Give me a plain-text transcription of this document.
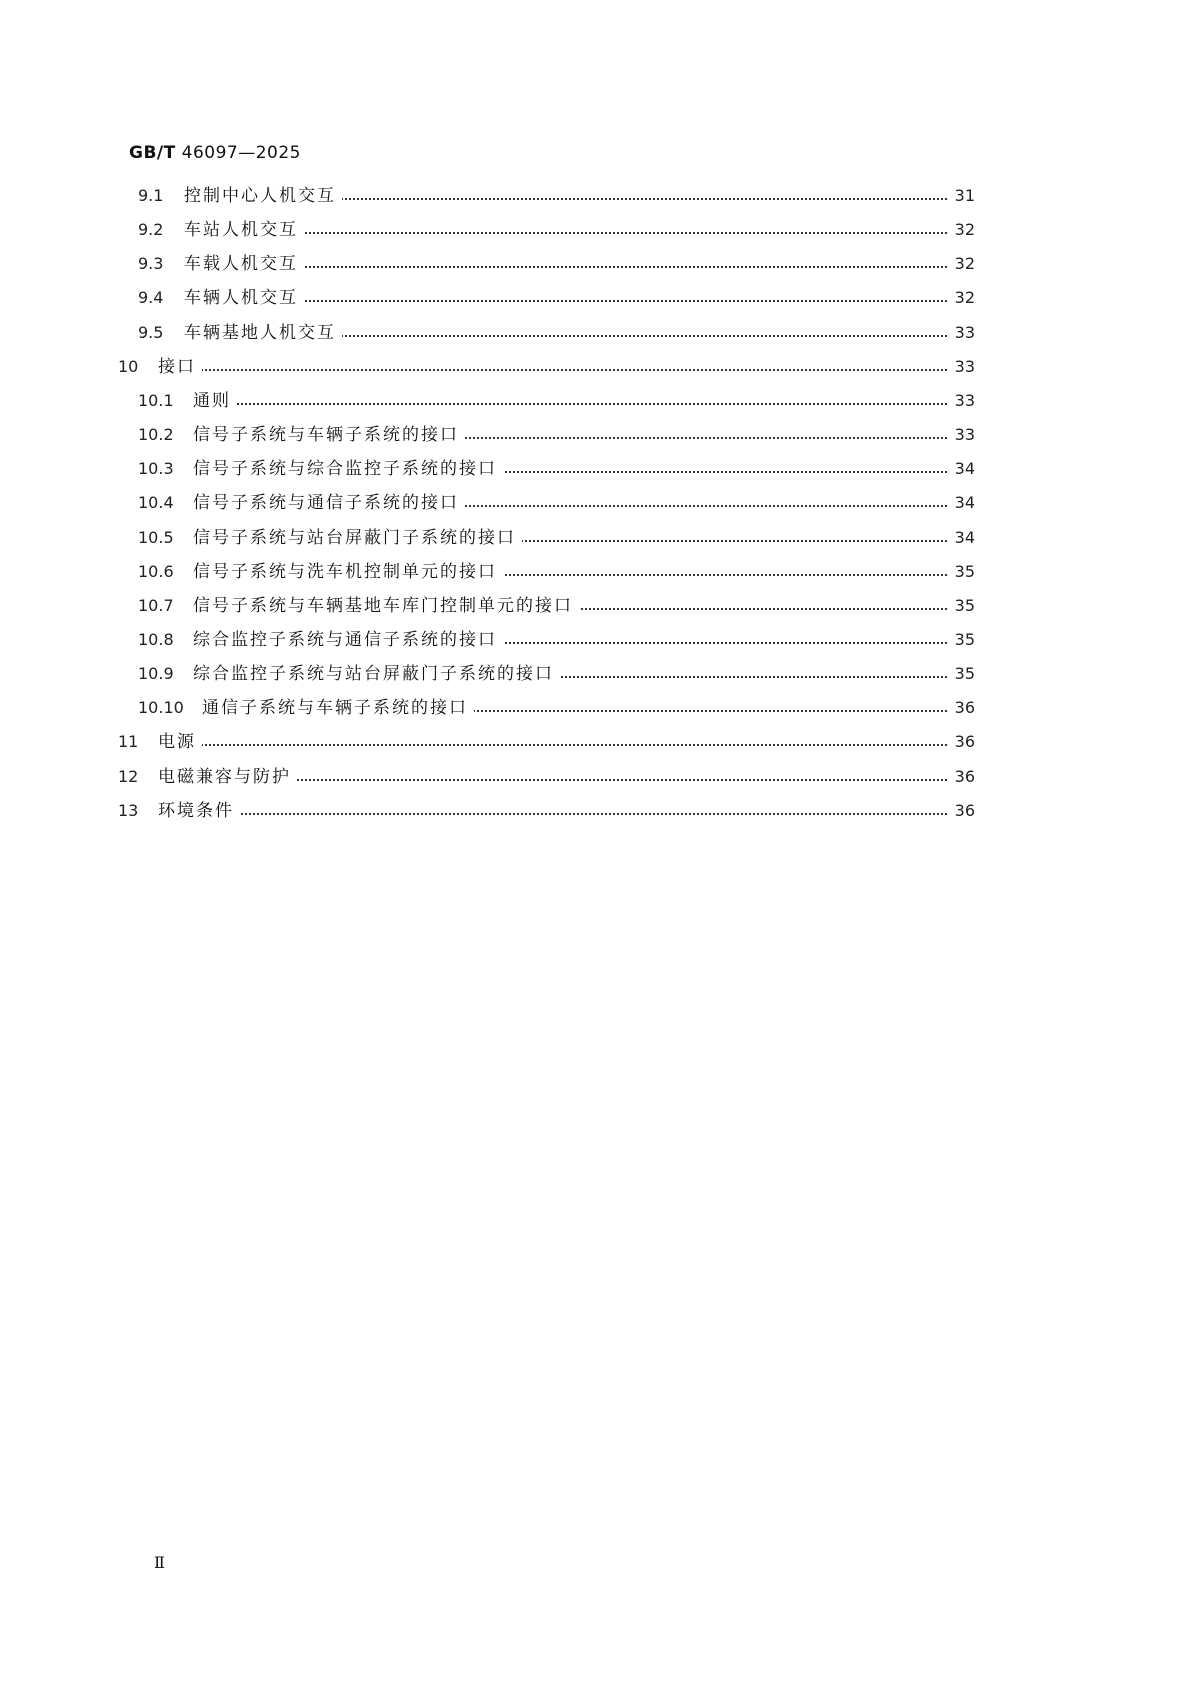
GB/T 46097—2025
9.1 控制中心人机交互	31
9.2 车站人机交互	32
9.3 车载人机交互	32
9.4 车辆人机交互	32
9.5 车辆基地人机交互	33
10 接口	33
10.1 通则	33
10.2 信号子系统与车辆子系统的接口	33
10.3 信号子系统与综合监控子系统的接口	34
10.4 信号子系统与通信子系统的接口	34
10.5 信号子系统与站台屏蔽门子系统的接口	34
10.6 信号子系统与洗车机控制单元的接口	35
10.7 信号子系统与车辆基地车库门控制单元的接口	35
10.8 综合监控子系统与通信子系统的接口	35
10.9 综合监控子系统与站台屏蔽门子系统的接口	35
10.10 通信子系统与车辆子系统的接口	36
11 电源	36
12 电磁兼容与防护	36
13 环境条件	36
Ⅱ
